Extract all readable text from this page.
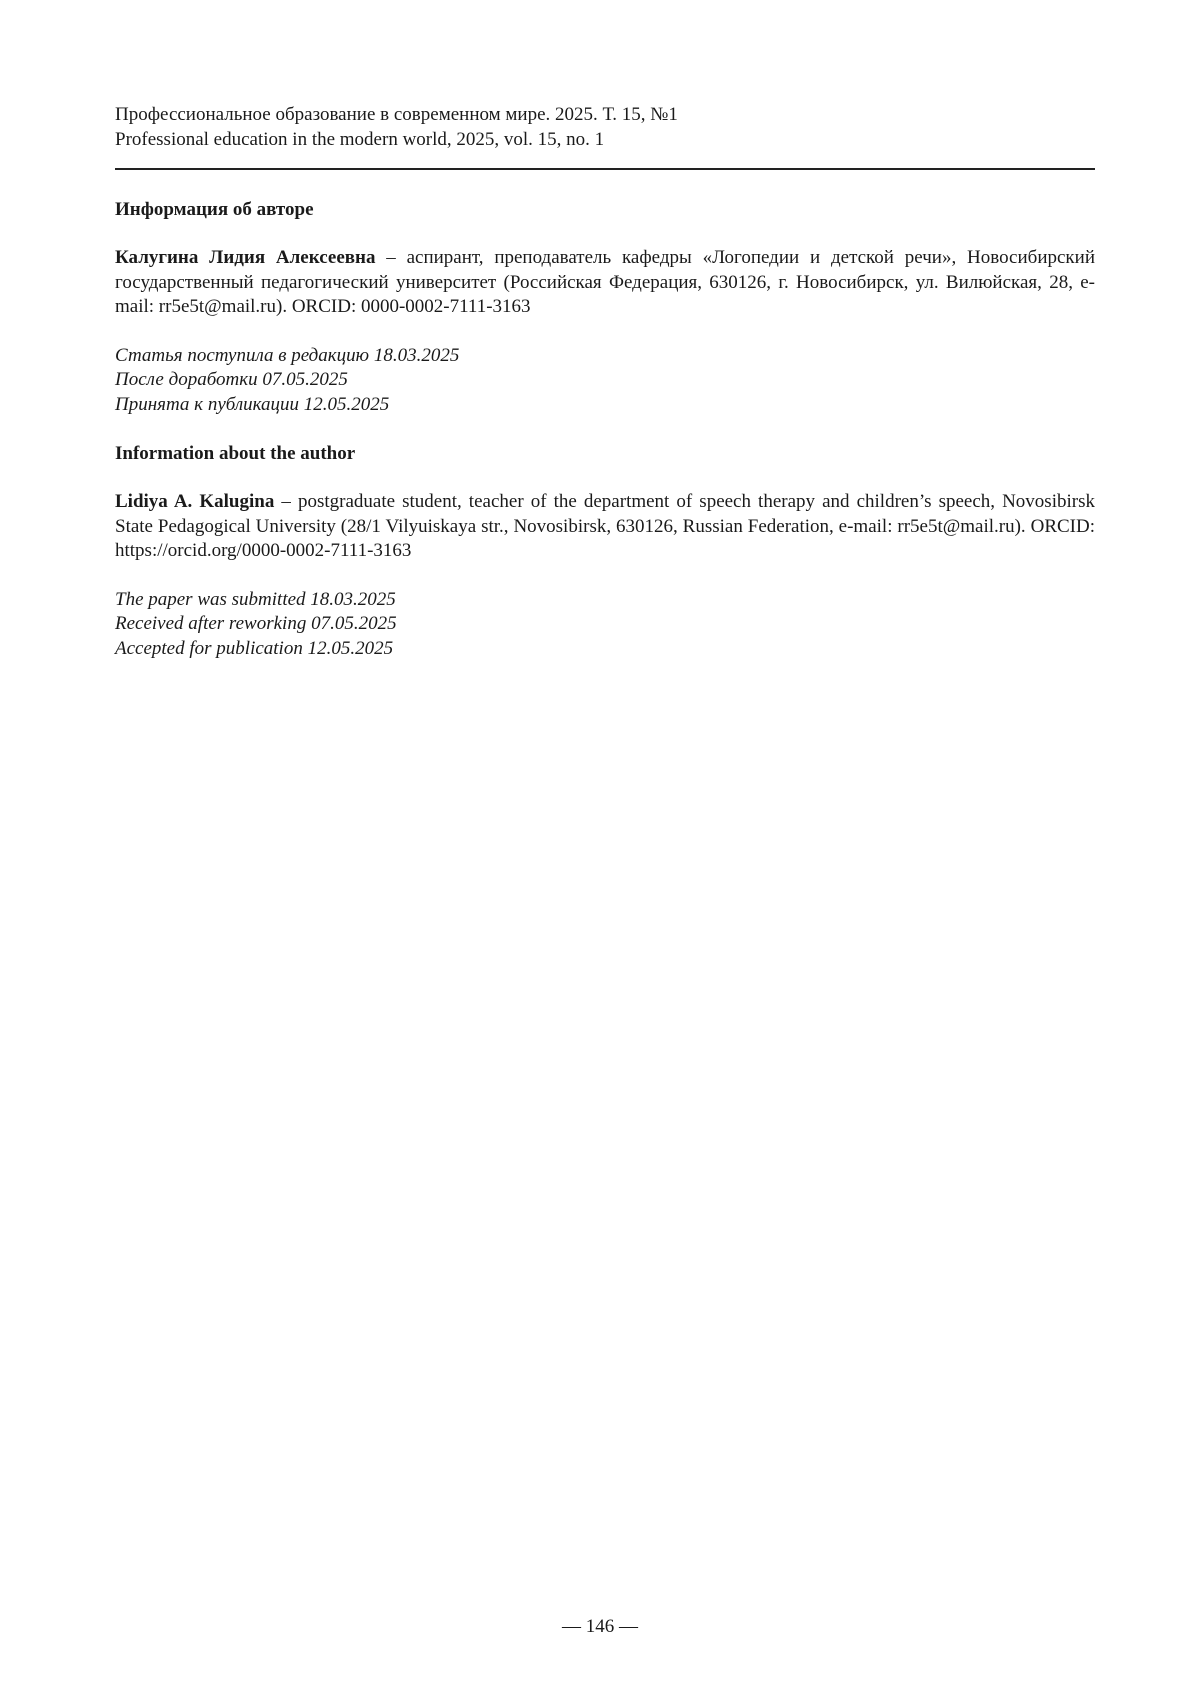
Профессиональное образование в современном мире. 2025. Т. 15, №1
Professional education in the modern world, 2025, vol. 15, no. 1
Информация об авторе
Калугина Лидия Алексеевна – аспирант, преподаватель кафедры «Логопедии и детской речи», Новосибирский государственный педагогический университет (Российская Федерация, 630126, г. Новосибирск, ул. Вилюйская, 28, e-mail: rr5e5t@mail.ru). ORCID: 0000-0002-7111-3163
Статья поступила в редакцию 18.03.2025
После доработки 07.05.2025
Принята к публикации 12.05.2025
Information about the author
Lidiya A. Kalugina – postgraduate student, teacher of the department of speech therapy and children’s speech, Novosibirsk State Pedagogical University (28/1 Vilyuiskaya str., Novosibirsk, 630126, Russian Federation, e-mail: rr5e5t@mail.ru). ORCID: https://orcid.org/0000-0002-7111-3163
The paper was submitted 18.03.2025
Received after reworking 07.05.2025
Accepted for publication 12.05.2025
— 146 —
